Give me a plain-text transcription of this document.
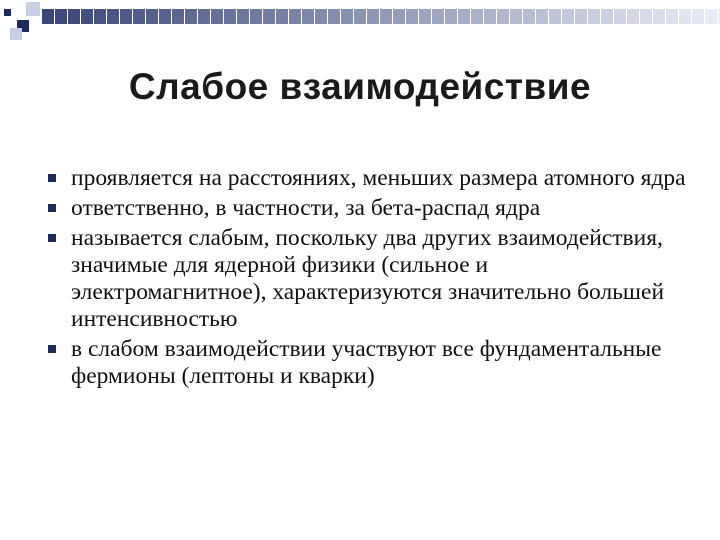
Слабое взаимодействие
проявляется на расстояниях, меньших размера атомного ядра
ответственно, в частности, за бета-распад ядра
называется слабым, поскольку два других взаимодействия, значимые для ядерной физики (сильное и электромагнитное), характеризуются значительно большей интенсивностью
в слабом взаимодействии участвуют все фундаментальные фермионы (лептоны и кварки)
